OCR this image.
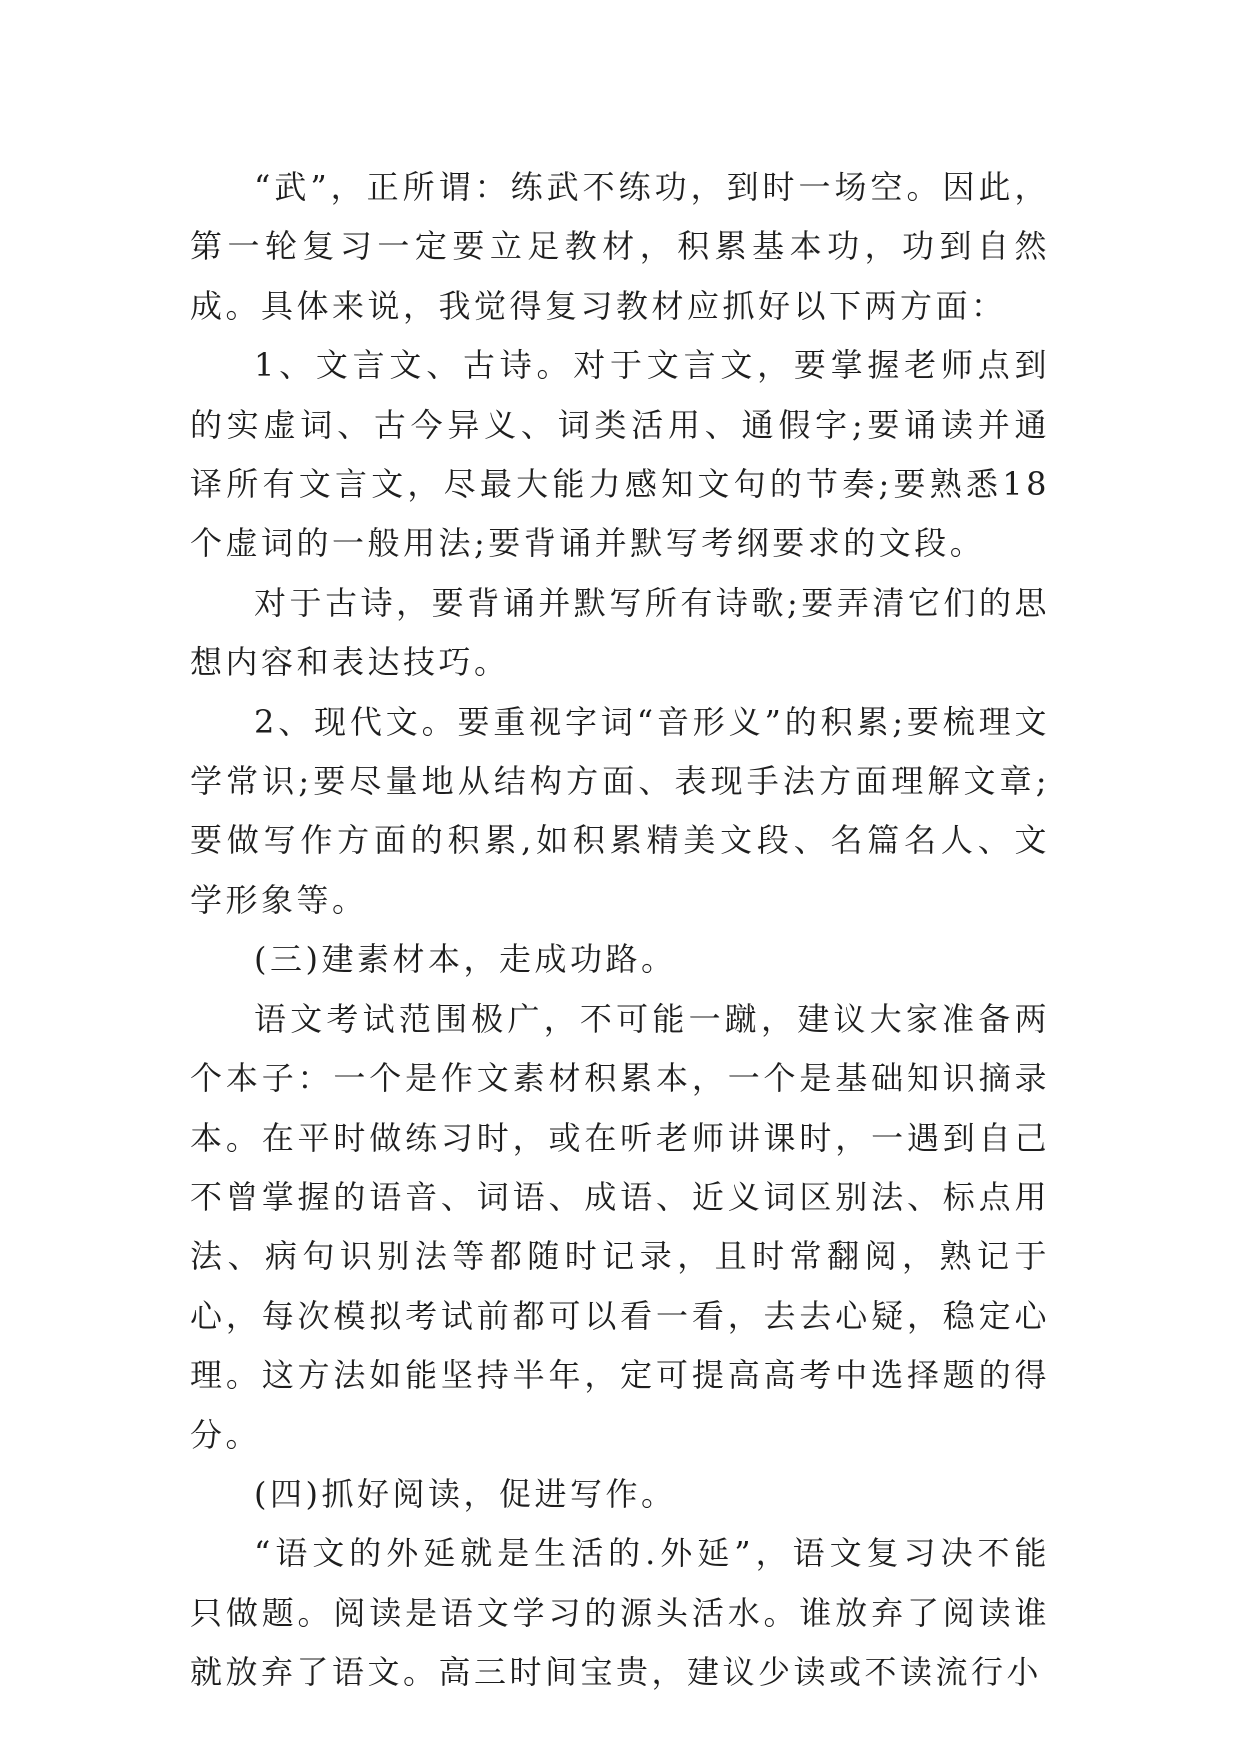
“武”，正所谓：练武不练功，到时一场空。因此，第一轮复习一定要立足教材，积累基本功，功到自然成。具体来说，我觉得复习教材应抓好以下两方面：

1、文言文、古诗。对于文言文，要掌握老师点到的实虚词、古今异义、词类活用、通假字;要诵读并通译所有文言文，尽最大能力感知文句的节奏;要熟悉18个虚词的一般用法;要背诵并默写考纲要求的文段。

对于古诗，要背诵并默写所有诗歌;要弄清它们的思想内容和表达技巧。

2、现代文。要重视字词“音形义”的积累;要梳理文学常识;要尽量地从结构方面、表现手法方面理解文章;要做写作方面的积累,如积累精美文段、名篇名人、文学形象等。

(三)建素材本，走成功路。

语文考试范围极广，不可能一蹴，建议大家准备两个本子：一个是作文素材积累本，一个是基础知识摘录本。在平时做练习时，或在听老师讲课时，一遇到自己不曾掌握的语音、词语、成语、近义词区别法、标点用法、病句识别法等都随时记录，且时常翻阅，熟记于心，每次模拟考试前都可以看一看，去去心疑，稳定心理。这方法如能坚持半年，定可提高高考中选择题的得分。

(四)抓好阅读，促进写作。

“语文的外延就是生活的.外延”，语文复习决不能只做题。阅读是语文学习的源头活水。谁放弃了阅读谁就放弃了语文。高三时间宝贵，建议少读或不读流行小
